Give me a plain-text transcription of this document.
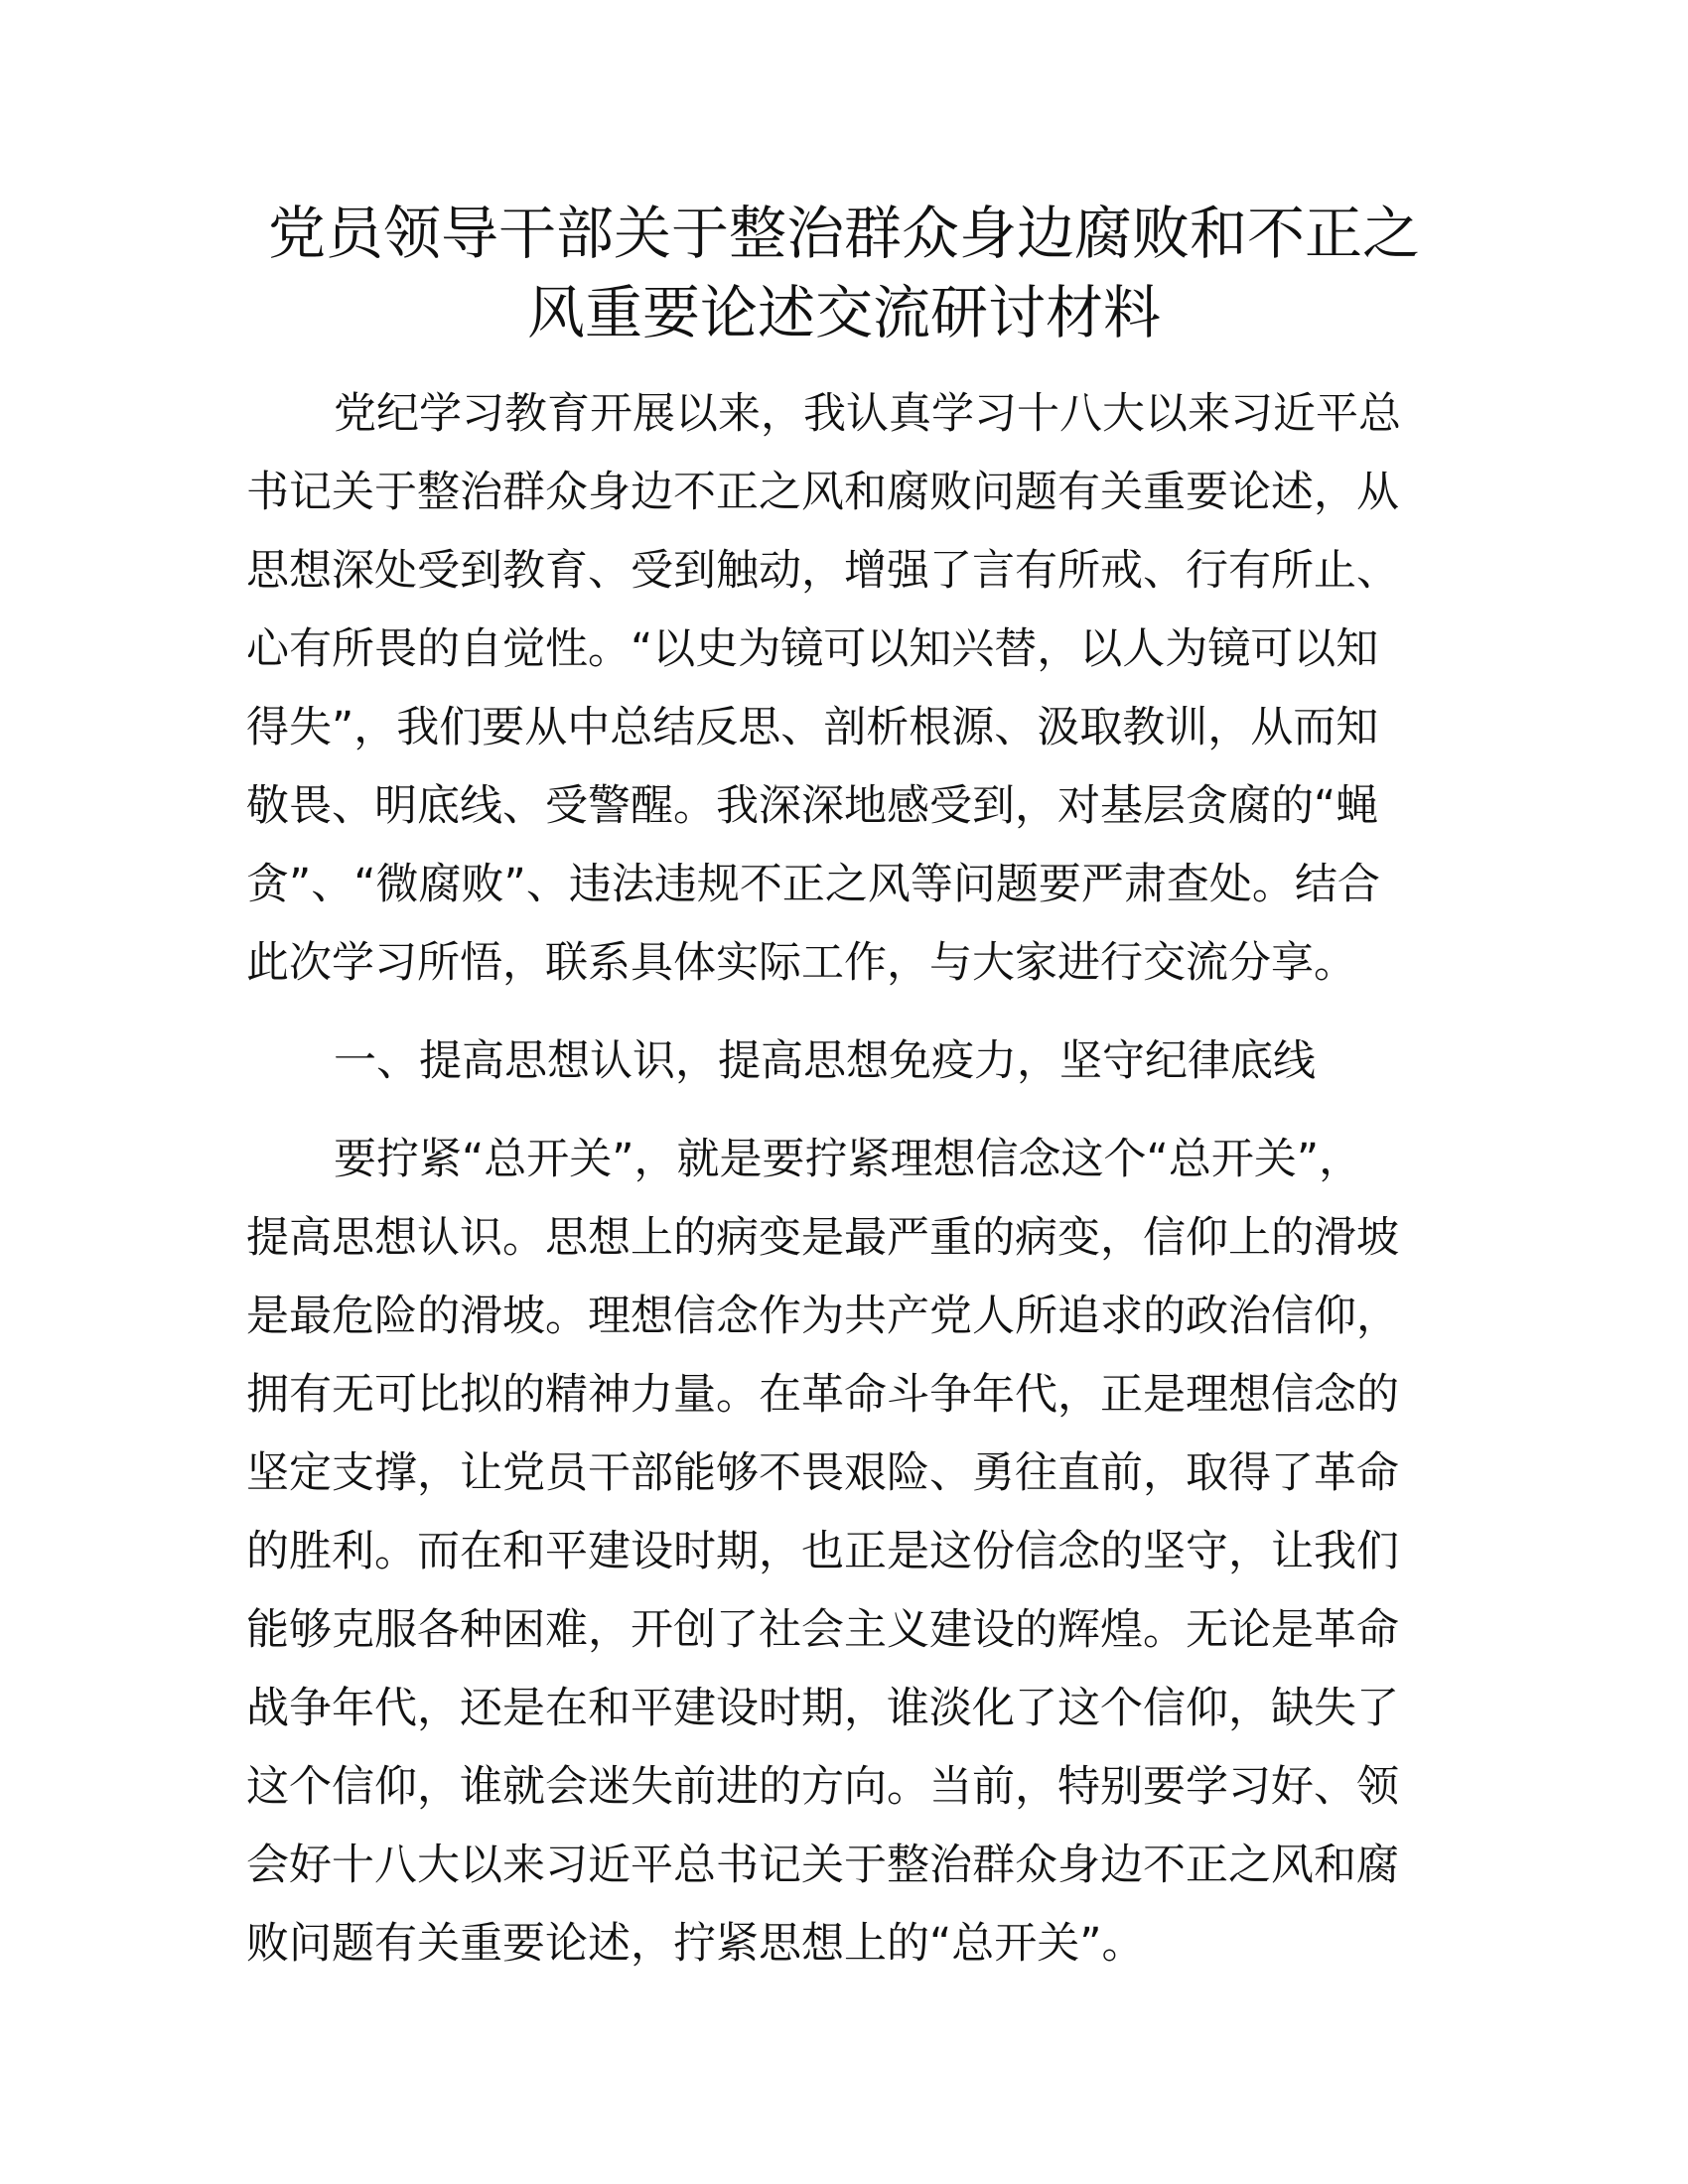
党员领导干部关于整治群众身边腐败和不正之
风重要论述交流研讨材料
党纪学习教育开展以来，我认真学习十八大以来习近平总
书记关于整治群众身边不正之风和腐败问题有关重要论述，从
思想深处受到教育、受到触动，增强了言有所戒、行有所止、
心有所畏的自觉性。“以史为镜可以知兴替，以人为镜可以知
得失”，我们要从中总结反思、剖析根源、汲取教训，从而知
敬畏、明底线、受警醒。我深深地感受到，对基层贪腐的“蝇
贪”、“微腐败”、违法违规不正之风等问题要严肃查处。结合
此次学习所悟，联系具体实际工作，与大家进行交流分享。
一、提高思想认识，提高思想免疫力，坚守纪律底线
要拧紧“总开关”，就是要拧紧理想信念这个“总开关”，
提高思想认识。思想上的病变是最严重的病变，信仰上的滑坡
是最危险的滑坡。理想信念作为共产党人所追求的政治信仰，
拥有无可比拟的精神力量。在革命斗争年代，正是理想信念的
坚定支撑，让党员干部能够不畏艰险、勇往直前，取得了革命
的胜利。而在和平建设时期，也正是这份信念的坚守，让我们
能够克服各种困难，开创了社会主义建设的辉煌。无论是革命
战争年代，还是在和平建设时期，谁淡化了这个信仰，缺失了
这个信仰，谁就会迷失前进的方向。当前，特别要学习好、领
会好十八大以来习近平总书记关于整治群众身边不正之风和腐
败问题有关重要论述，拧紧思想上的“总开关”。
